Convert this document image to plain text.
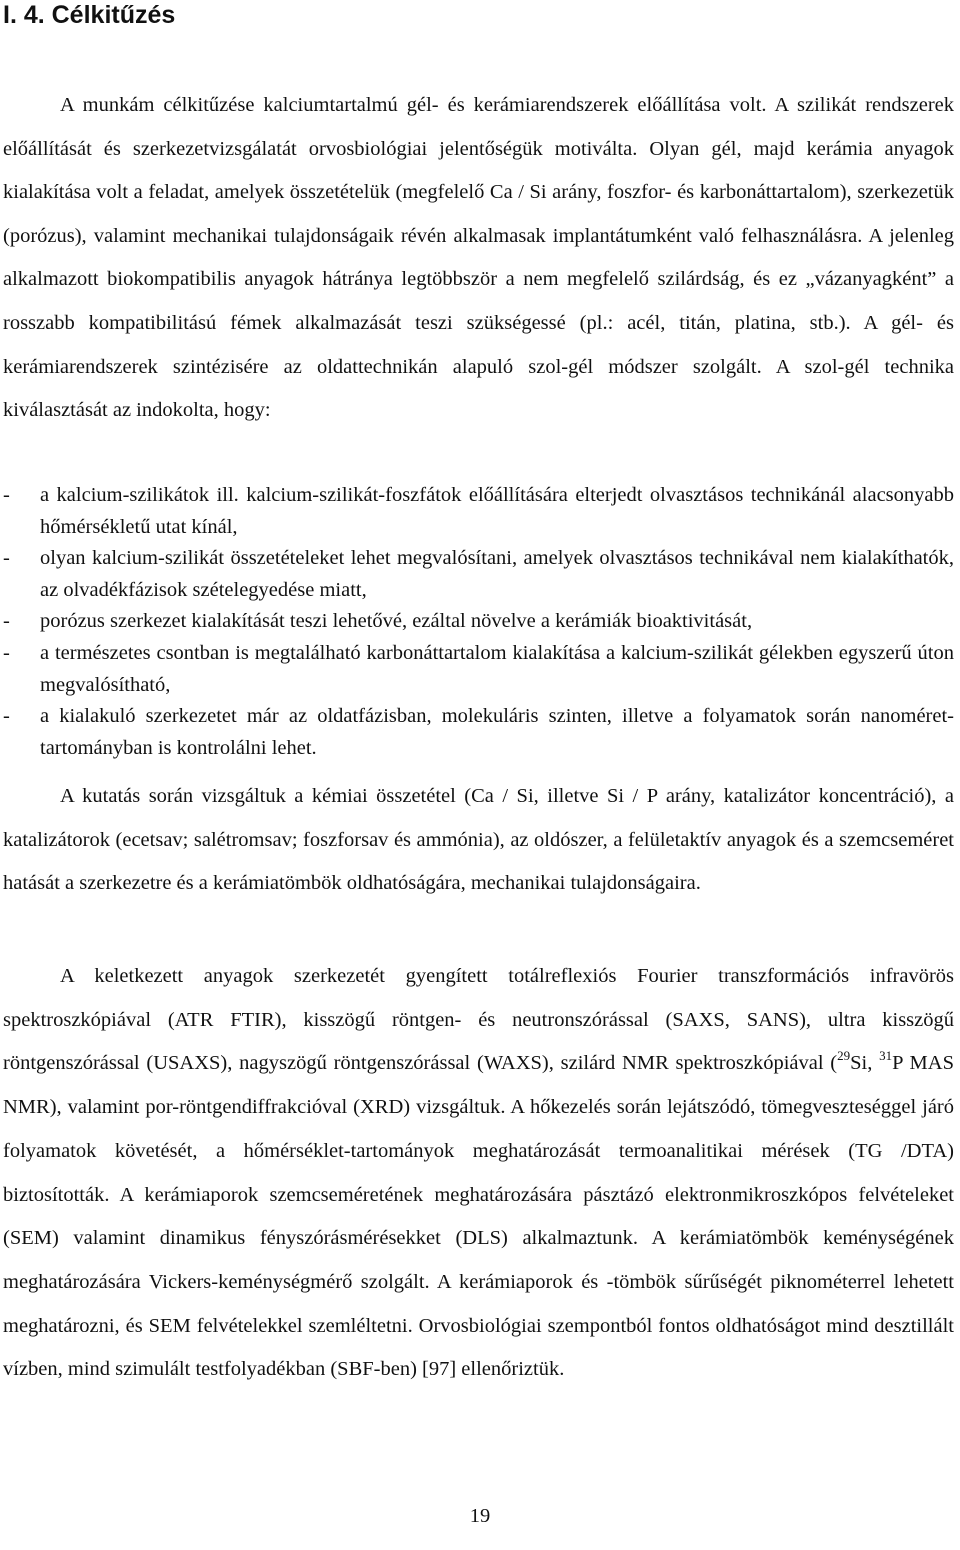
I. 4. Célkitűzés

A munkám célkitűzése kalciumtartalmú gél- és kerámiarendszerek előállítása volt. A szilikát rendszerek előállítását és szerkezetvizsgálatát orvosbiológiai jelentőségük motiválta. Olyan gél, majd kerámia anyagok kialakítása volt a feladat, amelyek összetételük (megfelelő Ca / Si arány, foszfor- és karbonáttartalom), szerkezetük (porózus), valamint mechanikai tulajdonságaik révén alkalmasak implantátumként való felhasználásra. A jelenleg alkalmazott biokompatibilis anyagok hátránya legtöbbször a nem megfelelő szilárdság, és ez „vázanyagként” a rosszabb kompatibilitású fémek alkalmazását teszi szükségessé (pl.: acél, titán, platina, stb.). A gél- és kerámiarendszerek szintézisére az oldattechnikán alapuló szol-gél módszer szolgált. A szol-gél technika kiválasztását az indokolta, hogy:

-	a kalcium-szilikátok ill. kalcium-szilikát-foszfátok előállítására elterjedt olvasztásos technikánál alacsonyabb hőmérsékletű utat kínál,
-	olyan kalcium-szilikát összetételeket lehet megvalósítani, amelyek olvasztásos technikával nem kialakíthatók, az olvadékfázisok szételegyedése miatt,
-	porózus szerkezet kialakítását teszi lehetővé, ezáltal növelve a kerámiák bioaktivitását,
-	a természetes csontban is megtalálható karbonáttartalom kialakítása a kalcium-szilikát gélekben egyszerű úton megvalósítható,
-	a kialakuló szerkezetet már az oldatfázisban, molekuláris szinten, illetve a folyamatok során nanoméret-tartományban is kontrolálni lehet.

A kutatás során vizsgáltuk a kémiai összetétel (Ca / Si, illetve Si / P arány, katalizátor koncentráció), a katalizátorok (ecetsav; salétromsav; foszforsav és ammónia), az oldószer, a felületaktív anyagok és a szemcseméret hatását a szerkezetre és a kerámiatömbök oldhatóságára, mechanikai tulajdonságaira.

A keletkezett anyagok szerkezetét gyengített totálreflexiós Fourier transzformációs infravörös spektroszkópiával (ATR FTIR), kisszögű röntgen- és neutronszórással (SAXS, SANS), ultra kisszögű röntgenszórással (USAXS), nagyszögű röntgenszórással (WAXS), szilárd NMR spektroszkópiával ($^{29}$Si, $^{31}$P MAS NMR), valamint por-röntgendiffrakcióval (XRD) vizsgáltuk. A hőkezelés során lejátszódó, tömegveszteséggel járó folyamatok követését, a hőmérséklet-tartományok meghatározását termoanalitikai mérések (TG /DTA) biztosították. A kerámiaporok szemcseméretének meghatározására pásztázó elektronmikroszkópos felvételeket (SEM) valamint dinamikus fényszórásmérésekket (DLS) alkalmaztunk. A kerámiatömbök keménységének meghatározására Vickers-keménységmérő szolgált. A kerámiaporok és -tömbök sűrűségét piknométerrel lehetett meghatározni, és SEM felvételekkel szemléltetni. Orvosbiológiai szempontból fontos oldhatóságot mind desztillált vízben, mind szimulált testfolyadékban (SBF-ben) [97] ellenőriztük.

19
